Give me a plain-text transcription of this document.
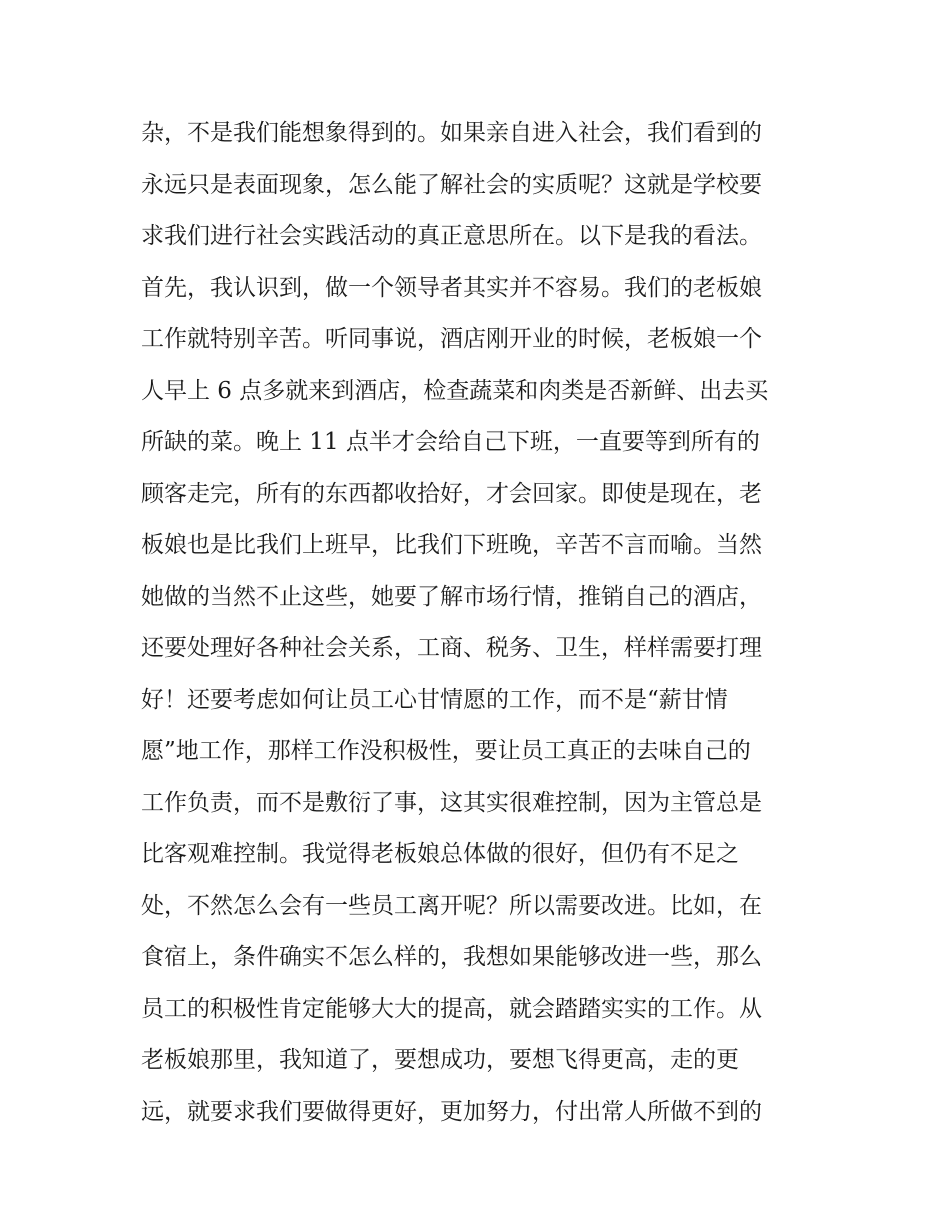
杂，不是我们能想象得到的。如果亲自进入社会，我们看到的
永远只是表面现象，怎么能了解社会的实质呢？这就是学校要
求我们进行社会实践活动的真正意思所在。以下是我的看法。
首先，我认识到，做一个领导者其实并不容易。我们的老板娘
工作就特别辛苦。听同事说，酒店刚开业的时候，老板娘一个
人早上 6 点多就来到酒店，检查蔬菜和肉类是否新鲜、出去买
所缺的菜。晚上 11 点半才会给自己下班，一直要等到所有的
顾客走完，所有的东西都收拾好，才会回家。即使是现在，老
板娘也是比我们上班早，比我们下班晚，辛苦不言而喻。当然
她做的当然不止这些，她要了解市场行情，推销自己的酒店，
还要处理好各种社会关系，工商、税务、卫生，样样需要打理
好！还要考虑如何让员工心甘情愿的工作，而不是“薪甘情
愿”地工作，那样工作没积极性，要让员工真正的去味自己的
工作负责，而不是敷衍了事，这其实很难控制，因为主管总是
比客观难控制。我觉得老板娘总体做的很好，但仍有不足之
处，不然怎么会有一些员工离开呢？所以需要改进。比如，在
食宿上，条件确实不怎么样的，我想如果能够改进一些，那么
员工的积极性肯定能够大大的提高，就会踏踏实实的工作。从
老板娘那里，我知道了，要想成功，要想飞得更高，走的更
远，就要求我们要做得更好，更加努力，付出常人所做不到的
